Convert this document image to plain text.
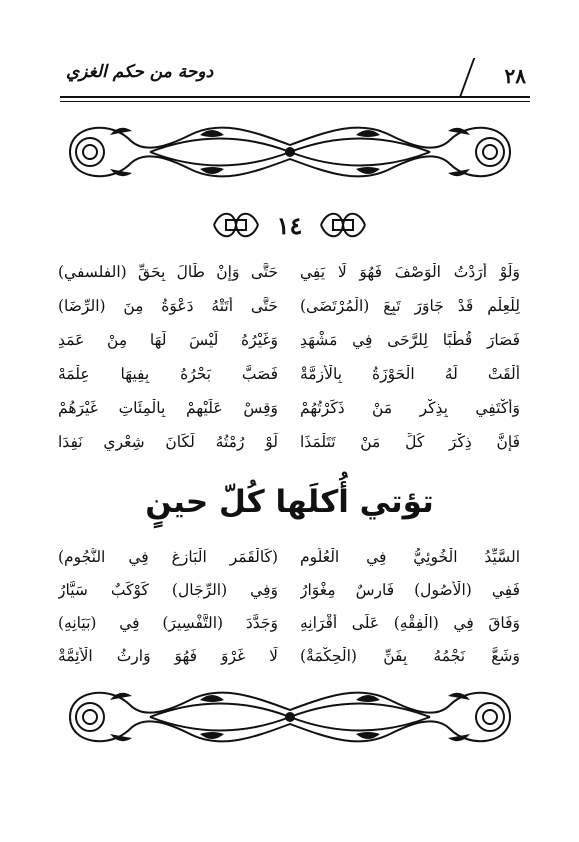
٢٨
دوحة من حكم الغزي
١٤
وَلَوْ أَرَدْتُ الْوَصْفَ فَهُوَ لَا يَفِي
حَتَّى وَإِنْ طَالَ بِحَقِّ (الفلسفي)
لِلْعِلْمِ قَدْ جَاوَرَ تَبِعَ (الْمُرْتَضَى)
حَتَّى أَتَتْهُ دَعْوَةُ مِنَ (الرِّضَا)
فَصَارَ قُطْبًا لِلرَّحَى فِي مَشْهَدِ
وَغَيْرُهُ لَيْسَ لَهَا مِنْ عَمَدِ
أَلْقَتْ لَهُ الْحَوْزَةُ بِالْأَزِمَّةْ
فَصَبَّ بَحْرُهُ بِفِيهَا عِلْمَهْ
وَأَكْتَفِي بِذِكْرِ مَنْ ذَكَرْتُهُمْ
وَقِسْ عَلَيْهِمْ بِالْمِئَاتِ غَيْرَهُمْ
فَإِنَّ ذِكْرَ كُلِّ مَنْ تَتَلْمَذَا
لَوْ رُمْتُهُ لَكَانَ شِعْرِي نَفِدَا
تؤتي أُكلَها كُلّ حينٍ
السَّيِّدُ الْخُوئِيُّ فِي الْعُلُومِ
(كَالْقَمَرِ الْبَازِغِ فِي النُّجُومِ)
فَفِي (الْأُصُولِ) فَارِسٌ مِغْوَارُ
وَفِي (الرِّجَالِ) كَوْكَبٌ سَيَّارُ
وَفَاقَ فِي (الْفِقْهِ) عَلَى أَقْرَانِهِ
وَجَدَّدَ (التَّفْسِيرَ) فِي (بَيَانِهِ)
وَشَعَّ نَجْمُهُ بِفَنِّ (الْحِكْمَةْ)
لَا غَرْوَ فَهُوَ وَارِثُ الْأَئِمَّةْ
